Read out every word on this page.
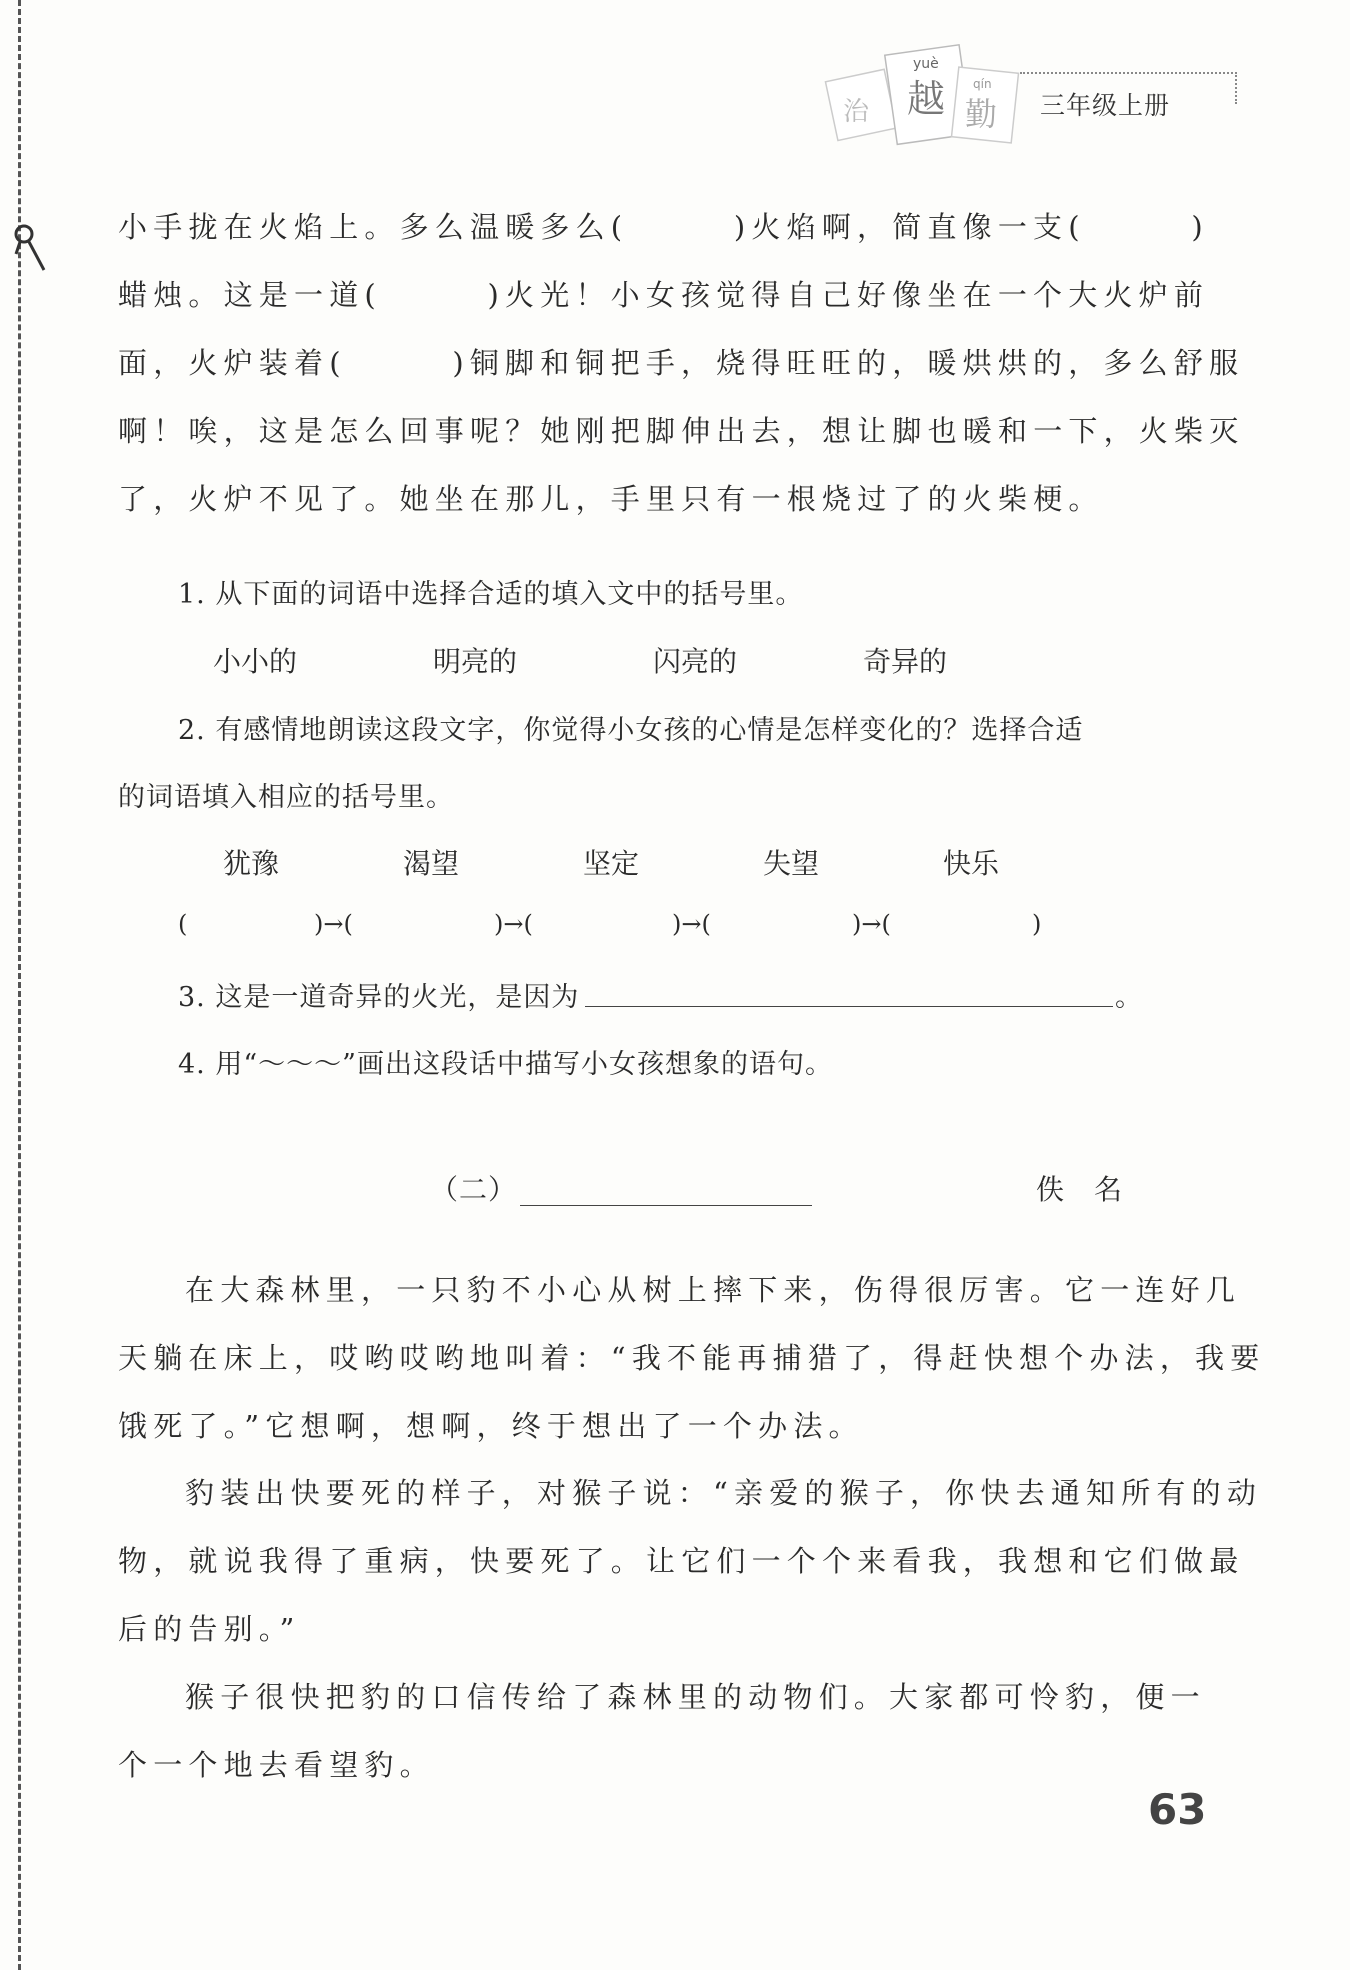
治
yuè
越 qín
勤 三年级上册
小手拢在火焰上。多么温暖多么(　　　)火焰啊，简直像一支(　　　)
蜡烛。这是一道(　　　)火光！小女孩觉得自己好像坐在一个大火炉前
面，火炉装着(　　　)铜脚和铜把手，烧得旺旺的，暖烘烘的，多么舒服
啊！唉，这是怎么回事呢？她刚把脚伸出去，想让脚也暖和一下，火柴灭
了，火炉不见了。她坐在那儿，手里只有一根烧过了的火柴梗。
1. 从下面的词语中选择合适的填入文中的括号里。
小小的	明亮的	闪亮的	奇异的
2. 有感情地朗读这段文字，你觉得小女孩的心情是怎样变化的？选择合适
的词语填入相应的括号里。
犹豫	渴望	坚定	失望	快乐
(	)→(	)→(	)→(	)→(	)
3. 这是一道奇异的火光，是因为	。
4. 用“～～～”画出这段话中描写小女孩想象的语句。
（二）	佚　名
在大森林里，一只豹不小心从树上摔下来，伤得很厉害。它一连好几
天躺在床上，哎哟哎哟地叫着：“我不能再捕猎了，得赶快想个办法，我要
饿死了。”它想啊，想啊，终于想出了一个办法。
豹装出快要死的样子，对猴子说：“亲爱的猴子，你快去通知所有的动
物，就说我得了重病，快要死了。让它们一个个来看我，我想和它们做最
后的告别。”
猴子很快把豹的口信传给了森林里的动物们。大家都可怜豹，便一
个一个地去看望豹。
63
